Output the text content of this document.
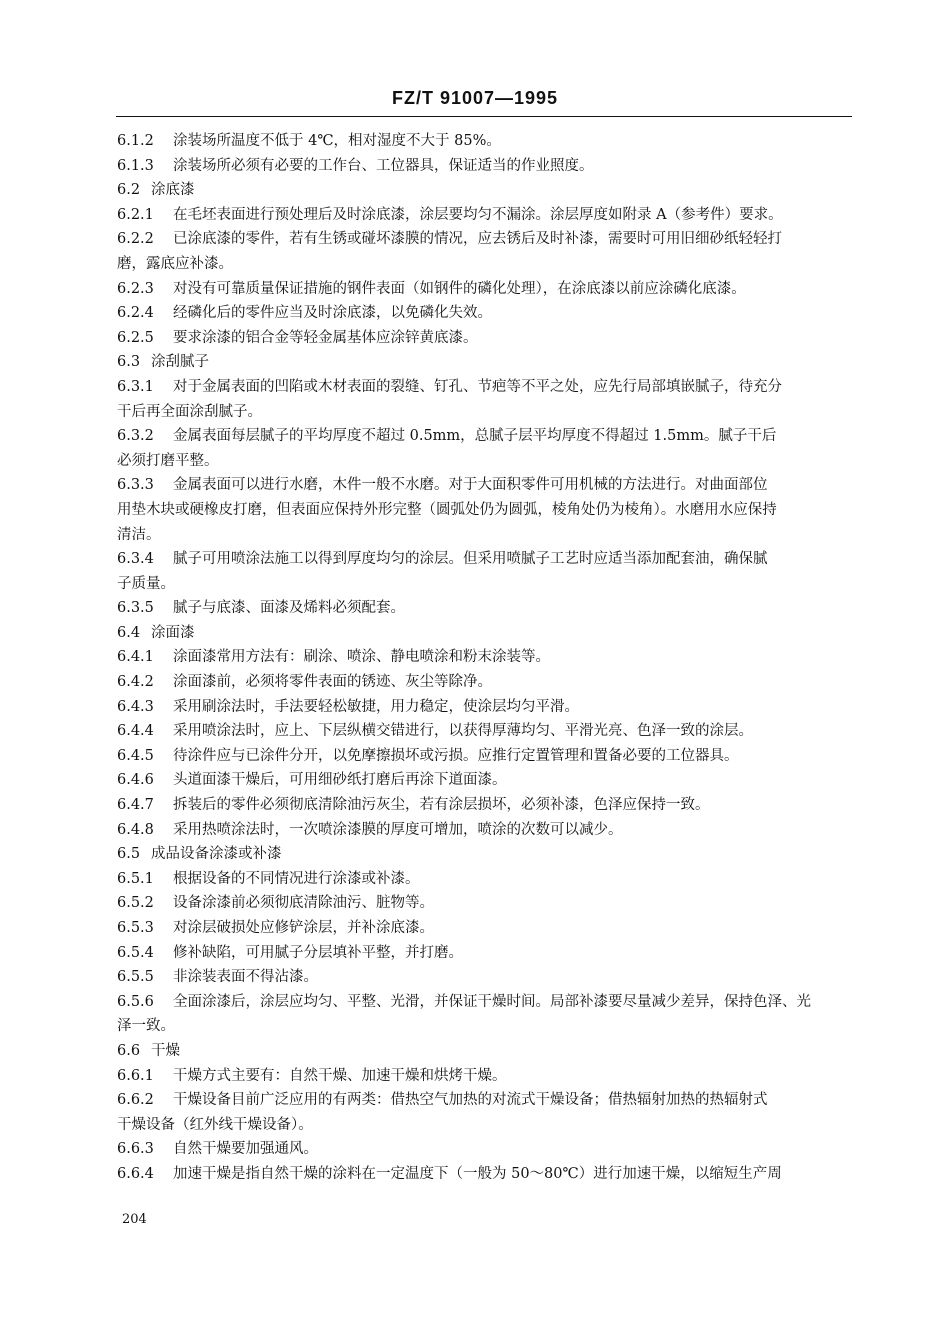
FZ/T 91007—1995
6.1.2 涂装场所温度不低于 4℃，相对湿度不大于 85%。
6.1.3 涂装场所必须有必要的工作台、工位器具，保证适当的作业照度。
6.2 涂底漆
6.2.1 在毛坯表面进行预处理后及时涂底漆，涂层要均匀不漏涂。涂层厚度如附录 A（参考件）要求。
6.2.2 已涂底漆的零件，若有生锈或碰坏漆膜的情况，应去锈后及时补漆，需要时可用旧细砂纸轻轻打
磨，露底应补漆。
6.2.3 对没有可靠质量保证措施的钢件表面（如钢件的磷化处理），在涂底漆以前应涂磷化底漆。
6.2.4 经磷化后的零件应当及时涂底漆，以免磷化失效。
6.2.5 要求涂漆的铝合金等轻金属基体应涂锌黄底漆。
6.3 涂刮腻子
6.3.1 对于金属表面的凹陷或木材表面的裂缝、钉孔、节疤等不平之处，应先行局部填嵌腻子，待充分
干后再全面涂刮腻子。
6.3.2 金属表面每层腻子的平均厚度不超过 0.5mm，总腻子层平均厚度不得超过 1.5mm。腻子干后
必须打磨平整。
6.3.3 金属表面可以进行水磨，木件一般不水磨。对于大面积零件可用机械的方法进行。对曲面部位
用垫木块或硬橡皮打磨，但表面应保持外形完整（圆弧处仍为圆弧，棱角处仍为棱角）。水磨用水应保持
清洁。
6.3.4 腻子可用喷涂法施工以得到厚度均匀的涂层。但采用喷腻子工艺时应适当添加配套油，确保腻
子质量。
6.3.5 腻子与底漆、面漆及烯料必须配套。
6.4 涂面漆
6.4.1 涂面漆常用方法有：刷涂、喷涂、静电喷涂和粉末涂装等。
6.4.2 涂面漆前，必须将零件表面的锈迹、灰尘等除净。
6.4.3 采用刷涂法时，手法要轻松敏捷，用力稳定，使涂层均匀平滑。
6.4.4 采用喷涂法时，应上、下层纵横交错进行，以获得厚薄均匀、平滑光亮、色泽一致的涂层。
6.4.5 待涂件应与已涂件分开，以免摩擦损坏或污损。应推行定置管理和置备必要的工位器具。
6.4.6 头道面漆干燥后，可用细砂纸打磨后再涂下道面漆。
6.4.7 拆装后的零件必须彻底清除油污灰尘，若有涂层损坏，必须补漆，色泽应保持一致。
6.4.8 采用热喷涂法时，一次喷涂漆膜的厚度可增加，喷涂的次数可以减少。
6.5 成品设备涂漆或补漆
6.5.1 根据设备的不同情况进行涂漆或补漆。
6.5.2 设备涂漆前必须彻底清除油污、脏物等。
6.5.3 对涂层破损处应修铲涂层，并补涂底漆。
6.5.4 修补缺陷，可用腻子分层填补平整，并打磨。
6.5.5 非涂装表面不得沾漆。
6.5.6 全面涂漆后，涂层应均匀、平整、光滑，并保证干燥时间。局部补漆要尽量减少差异，保持色泽、光
泽一致。
6.6 干燥
6.6.1 干燥方式主要有：自然干燥、加速干燥和烘烤干燥。
6.6.2 干燥设备目前广泛应用的有两类：借热空气加热的对流式干燥设备；借热辐射加热的热辐射式
干燥设备（红外线干燥设备）。
6.6.3 自然干燥要加强通风。
6.6.4 加速干燥是指自然干燥的涂料在一定温度下（一般为 50～80℃）进行加速干燥，以缩短生产周
204
